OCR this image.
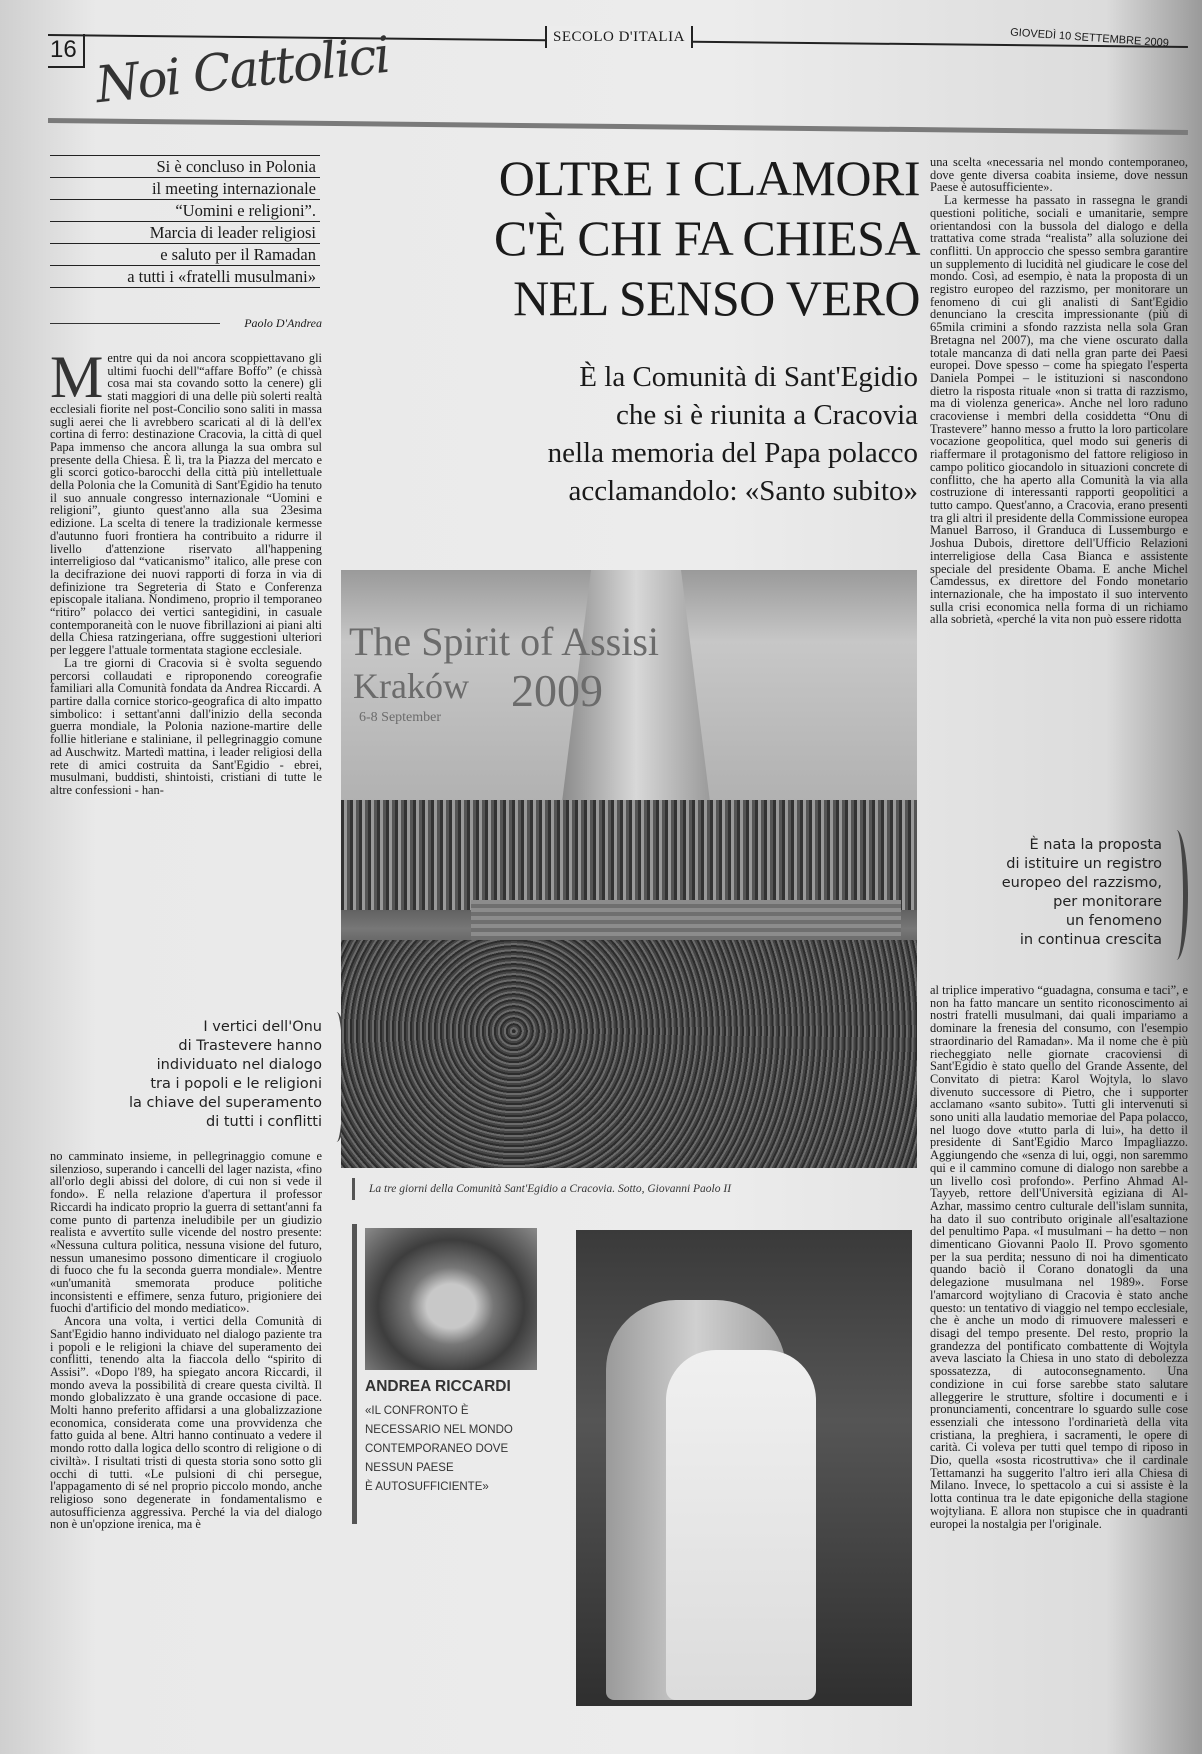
16	SECOLO D'ITALIA	GIOVEDÌ 10 SETTEMBRE 2009
Noi Cattolici
Si è concluso in Polonia
il meeting internazionale
“Uomini e religioni”.
Marcia di leader religiosi
e saluto per il Ramadan
a tutti i «fratelli musulmani»
Paolo D'Andrea

Mentre qui da noi ancora scoppiettavano gli ultimi fuochi dell'“affare Boffo” (e chissà cosa mai sta covando sotto la cenere) gli stati maggiori di una delle più solerti realtà ecclesiali fiorite nel post-Concilio sono saliti in massa sugli aerei che li avrebbero scaricati al di là dell'ex cortina di ferro: destinazione Cracovia, la città di quel Papa immenso che ancora allunga la sua ombra sul presente della Chiesa. È lì, tra la Piazza del mercato e gli scorci gotico-barocchi della città più intellettuale della Polonia che la Comunità di Sant'Egidio ha tenuto il suo annuale congresso internazionale “Uomini e religioni”, giunto quest'anno alla sua 23esima edizione. La scelta di tenere la tradizionale kermesse d'autunno fuori frontiera ha contribuito a ridurre il livello d'attenzione riservato all'happening interreligioso dal “vaticanismo” italico, alle prese con la decifrazione dei nuovi rapporti di forza in via di definizione tra Segreteria di Stato e Conferenza episcopale italiana. Nondimeno, proprio il temporaneo “ritiro” polacco dei vertici santegidini, in casuale contemporaneità con le nuove fibrillazioni ai piani alti della Chiesa ratzingeriana, offre suggestioni ulteriori per leggere l'attuale tormentata stagione ecclesiale.

La tre giorni di Cracovia si è svolta seguendo percorsi collaudati e riproponendo coreografie familiari alla Comunità fondata da Andrea Riccardi. A partire dalla cornice storico-geografica di alto impatto simbolico: i settant'anni dall'inizio della seconda guerra mondiale, la Polonia nazione-martire delle follie hitleriane e staliniane, il pellegrinaggio comune ad Auschwitz. Martedì mattina, i leader religiosi della rete di amici costruita da Sant'Egidio - ebrei, musulmani, buddisti, shintoisti, cristiani di tutte le altre confessioni - han-

I vertici dell'Onu
di Trastevere hanno
individuato nel dialogo
tra i popoli e le religioni
la chiave del superamento
di tutti i conflitti

no camminato insieme, in pellegrinaggio comune e silenzioso, superando i cancelli del lager nazista, «fino all'orlo degli abissi del dolore, di cui non si vede il fondo». E nella relazione d'apertura il professor Riccardi ha indicato proprio la guerra di settant'anni fa come punto di partenza ineludibile per un giudizio realista e avvertito sulle vicende del nostro presente: «Nessuna cultura politica, nessuna visione del futuro, nessun umanesimo possono dimenticare il crogiuolo di fuoco che fu la seconda guerra mondiale». Mentre «un'umanità smemorata produce politiche inconsistenti e effimere, senza futuro, prigioniere dei fuochi d'artificio del mondo mediatico».

Ancora una volta, i vertici della Comunità di Sant'Egidio hanno individuato nel dialogo paziente tra i popoli e le religioni la chiave del superamento dei conflitti, tenendo alta la fiaccola dello “spirito di Assisi”. «Dopo l'89, ha spiegato ancora Riccardi, il mondo aveva la possibilità di creare questa civiltà. Il mondo globalizzato è una grande occasione di pace. Molti hanno preferito affidarsi a una globalizzazione economica, considerata come una provvidenza che fatto guida al bene. Altri hanno continuato a vedere il mondo rotto dalla logica dello scontro di religione o di civiltà». I risultati tristi di questa storia sono sotto gli occhi di tutti. «Le pulsioni di chi persegue, l'appagamento di sé nel proprio piccolo mondo, anche religioso sono degenerate in fondamentalismo e autosufficienza aggressiva. Perché la via del dialogo non è un'opzione irenica, ma è

OLTRE I CLAMORI
C'È CHI FA CHIESA
NEL SENSO VERO
È la Comunità di Sant'Egidio
che si è riunita a Cracovia
nella memoria del Papa polacco
acclamandolo: «Santo subito»
The Spirit of Assisi
Kraków
6-8 September
2009
La tre giorni della Comunità Sant'Egidio a Cracovia. Sotto, Giovanni Paolo II
ANDREA RICCARDI
«IL CONFRONTO È
NECESSARIO NEL MONDO
CONTEMPORANEO DOVE
NESSUN PAESE
È AUTOSUFFICIENTE»

una scelta «necessaria nel mondo contemporaneo, dove gente diversa coabita insieme, dove nessun Paese è autosufficiente».

La kermesse ha passato in rassegna le grandi questioni politiche, sociali e umanitarie, sempre orientandosi con la bussola del dialogo e della trattativa come strada “realista” alla soluzione dei conflitti. Un approccio che spesso sembra garantire un supplemento di lucidità nel giudicare le cose del mondo. Così, ad esempio, è nata la proposta di un registro europeo del razzismo, per monitorare un fenomeno di cui gli analisti di Sant'Egidio denunciano la crescita impressionante (più di 65mila crimini a sfondo razzista nella sola Gran Bretagna nel 2007), ma che viene oscurato dalla totale mancanza di dati nella gran parte dei Paesi europei. Dove spesso – come ha spiegato l'esperta Daniela Pompei – le istituzioni si nascondono dietro la risposta rituale «non si tratta di razzismo, ma di violenza generica». Anche nel loro raduno cracoviense i membri della cosiddetta “Onu di Trastevere” hanno messo a frutto la loro particolare vocazione geopolitica, quel modo sui generis di riaffermare il protagonismo del fattore religioso in campo politico giocandolo in situazioni concrete di conflitto, che ha aperto alla Comunità la via alla costruzione di interessanti rapporti geopolitici a tutto campo. Quest'anno, a Cracovia, erano presenti tra gli altri il presidente della Commissione europea Manuel Barroso, il Granduca di Lussemburgo e Joshua Dubois, direttore dell'Ufficio Relazioni interreligiose della Casa Bianca e assistente speciale del presidente Obama. E anche Michel Camdessus, ex direttore del Fondo monetario internazionale, che ha impostato il suo intervento sulla crisi economica nella forma di un richiamo alla sobrietà, «perché la vita non può essere ridotta

È nata la proposta
di istituire un registro
europeo del razzismo,
per monitorare
un fenomeno
in continua crescita

al triplice imperativo “guadagna, consuma e taci”, e non ha fatto mancare un sentito riconoscimento ai nostri fratelli musulmani, dai quali impariamo a dominare la frenesia del consumo, con l'esempio straordinario del Ramadan». Ma il nome che è più riecheggiato nelle giornate cracoviensi di Sant'Egidio è stato quello del Grande Assente, del Convitato di pietra: Karol Wojtyla, lo slavo divenuto successore di Pietro, che i supporter acclamano «santo subito». Tutti gli intervenuti si sono uniti alla laudatio memoriae del Papa polacco, nel luogo dove «tutto parla di lui», ha detto il presidente di Sant'Egidio Marco Impagliazzo. Aggiungendo che «senza di lui, oggi, non saremmo qui e il cammino comune di dialogo non sarebbe a un livello così profondo». Perfino Ahmad Al-Tayyeb, rettore dell'Università egiziana di Al-Azhar, massimo centro culturale dell'islam sunnita, ha dato il suo contributo originale all'esaltazione del penultimo Papa. «I musulmani – ha detto – non dimenticano Giovanni Paolo II. Provo sgomento per la sua perdita; nessuno di noi ha dimenticato quando baciò il Corano donatogli da una delegazione musulmana nel 1989». Forse l'amarcord wojtyliano di Cracovia è stato anche questo: un tentativo di viaggio nel tempo ecclesiale, che è anche un modo di rimuovere malesseri e disagi del tempo presente. Del resto, proprio la grandezza del pontificato combattente di Wojtyla aveva lasciato la Chiesa in uno stato di debolezza spossatezza, di autoconsegnamento. Una condizione in cui forse sarebbe stato salutare alleggerire le strutture, sfoltire i documenti e i pronunciamenti, concentrare lo sguardo sulle cose essenziali che intessono l'ordinarietà della vita cristiana, la preghiera, i sacramenti, le opere di carità. Ci voleva per tutti quel tempo di riposo in Dio, quella «sosta ricostruttiva» che il cardinale Tettamanzi ha suggerito l'altro ieri alla Chiesa di Milano. Invece, lo spettacolo a cui si assiste è la lotta continua tra le date epigoniche della stagione wojtyliana. E allora non stupisce che in quadranti europei la nostalgia per l'originale.
